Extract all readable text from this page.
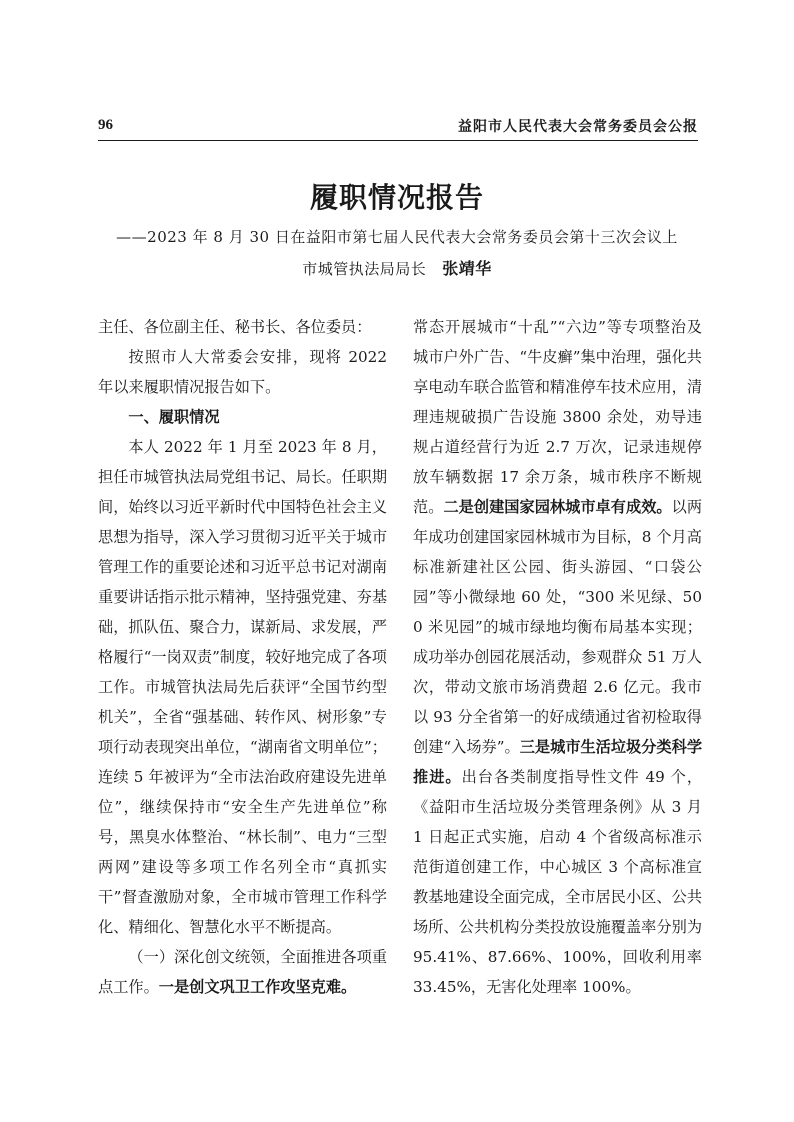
96	益阳市人民代表大会常务委员会公报
履职情况报告
——2023 年 8 月 30 日在益阳市第七届人民代表大会常务委员会第十三次会议上
市城管执法局局长 张靖华

主任、各位副主任、秘书长、各位委员：

按照市人大常委会安排，现将 2022 年以来履职情况报告如下。

一、履职情况

本人 2022 年 1 月至 2023 年 8 月，担任市城管执法局党组书记、局长。任职期间，始终以习近平新时代中国特色社会主义思想为指导，深入学习贯彻习近平关于城市管理工作的重要论述和习近平总书记对湖南重要讲话指示批示精神，坚持强党建、夯基础，抓队伍、聚合力，谋新局、求发展，严格履行“一岗双责”制度，较好地完成了各项工作。市城管执法局先后获评“全国节约型机关”，全省“强基础、转作风、树形象”专项行动表现突出单位，“湖南省文明单位”；连续 5 年被评为“全市法治政府建设先进单位”，继续保持市“安全生产先进单位”称号，黑臭水体整治、“林长制”、电力“三型两网”建设等多项工作名列全市“真抓实干”督查激励对象，全市城市管理工作科学化、精细化、智慧化水平不断提高。

（一）深化创文统领，全面推进各项重点工作。一是创文巩卫工作攻坚克难。

常态开展城市“十乱”“六边”等专项整治及城市户外广告、“牛皮癣”集中治理，强化共享电动车联合监管和精准停车技术应用，清理违规破损广告设施 3800 余处，劝导违规占道经营行为近 2.7 万次，记录违规停放车辆数据 17 余万条，城市秩序不断规范。二是创建国家园林城市卓有成效。以两年成功创建国家园林城市为目标，8 个月高标准新建社区公园、街头游园、“口袋公园”等小微绿地 60 处，“300 米见绿、500 米见园”的城市绿地均衡布局基本实现；成功举办创园花展活动，参观群众 51 万人次，带动文旅市场消费超 2.6 亿元。我市以 93 分全省第一的好成绩通过省初检取得创建“入场券”。三是城市生活垃圾分类科学推进。出台各类制度指导性文件 49 个，《益阳市生活垃圾分类管理条例》从 3 月 1 日起正式实施，启动 4 个省级高标准示范街道创建工作，中心城区 3 个高标准宣教基地建设全面完成，全市居民小区、公共场所、公共机构分类投放设施覆盖率分别为 95.41%、87.66%、100%，回收利用率 33.45%，无害化处理率 100%。
